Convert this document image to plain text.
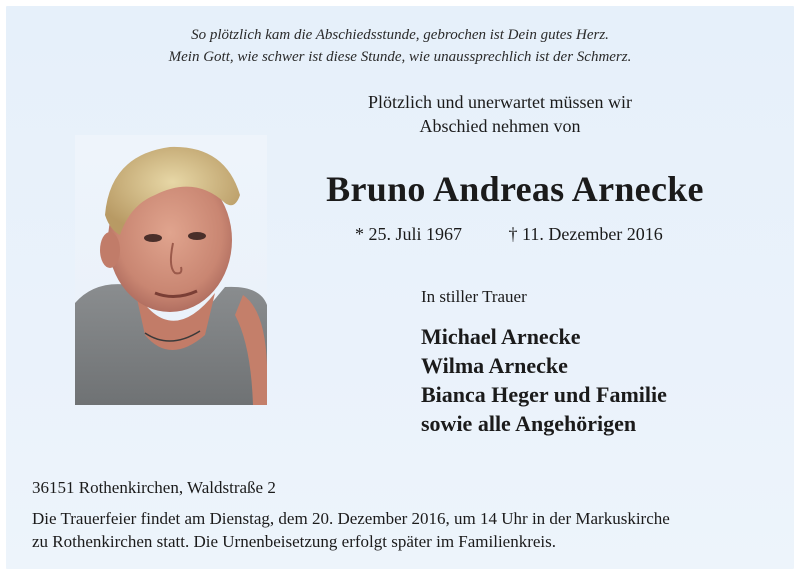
So plötzlich kam die Abschiedsstunde, gebrochen ist Dein gutes Herz.
Mein Gott, wie schwer ist diese Stunde, wie unaussprechlich ist der Schmerz.
Plötzlich und unerwartet müssen wir
Abschied nehmen von
Bruno Andreas Arnecke
* 25. Juli 1967	† 11. Dezember 2016
In stiller Trauer
Michael Arnecke
Wilma Arnecke
Bianca Heger und Familie
sowie alle Angehörigen
36151 Rothenkirchen, Waldstraße 2
Die Trauerfeier findet am Dienstag, dem 20. Dezember 2016, um 14 Uhr in der Markuskirche
zu Rothenkirchen statt. Die Urnenbeisetzung erfolgt später im Familienkreis.
